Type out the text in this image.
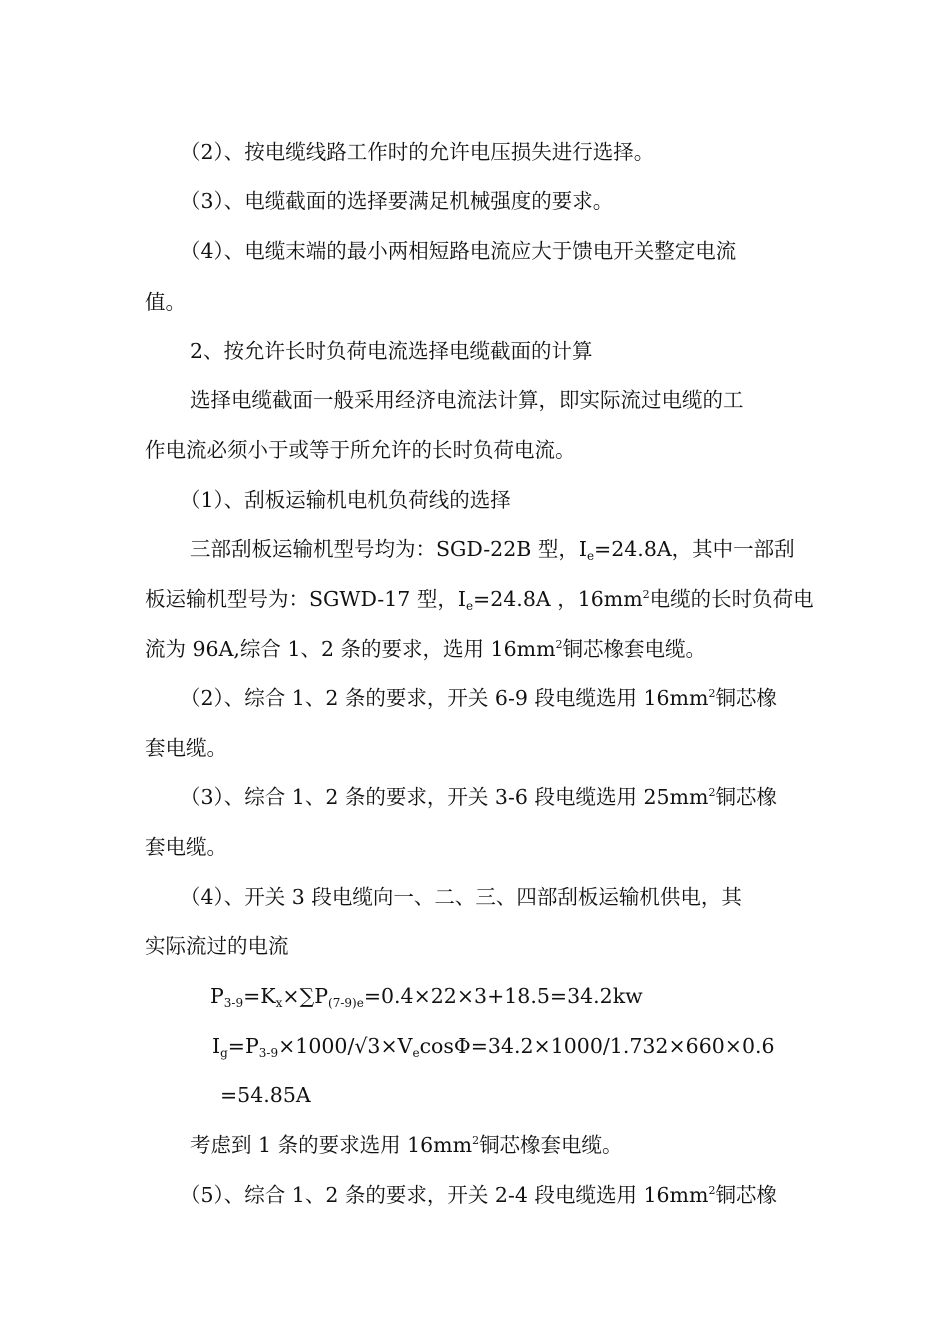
（2）、按电缆线路工作时的允许电压损失进行选择。

（3）、电缆截面的选择要满足机械强度的要求。

（4）、电缆末端的最小两相短路电流应大于馈电开关整定电流

值。

2、按允许长时负荷电流选择电缆截面的计算

选择电缆截面一般采用经济电流法计算，即实际流过电缆的工

作电流必须小于或等于所允许的长时负荷电流。

（1）、刮板运输机电机负荷线的选择

三部刮板运输机型号均为：SGD-22B 型，$I_e=24.8A$，其中一部刮

板运输机型号为：SGWD-17 型，$I_e=24.8A$ ，$16mm^2$电缆的长时负荷电

流为 96A,综合 1、2 条的要求，选用 $16mm^2$铜芯橡套电缆。

（2）、综合 1、2 条的要求，开关 6-9 段电缆选用 $16mm^2$铜芯橡

套电缆。

（3）、综合 1、2 条的要求，开关 3-6 段电缆选用 $25mm^2$铜芯橡

套电缆。

（4）、开关 3 段电缆向一、二、三、四部刮板运输机供电，其

实际流过的电流

$P_{3-9}=K_x\times\sum P_{(7-9)e}=0.4\times 22\times 3+18.5=34.2kw$

$I_g=P_{3-9}\times 1000/√3\times V_e\cos\Phi=34.2\times 1000/1.732\times 660\times 0.6$

=54.85A

考虑到 1 条的要求选用 $16mm^2$铜芯橡套电缆。

（5）、综合 1、2 条的要求，开关 2-4 段电缆选用 $16mm^2$铜芯橡
